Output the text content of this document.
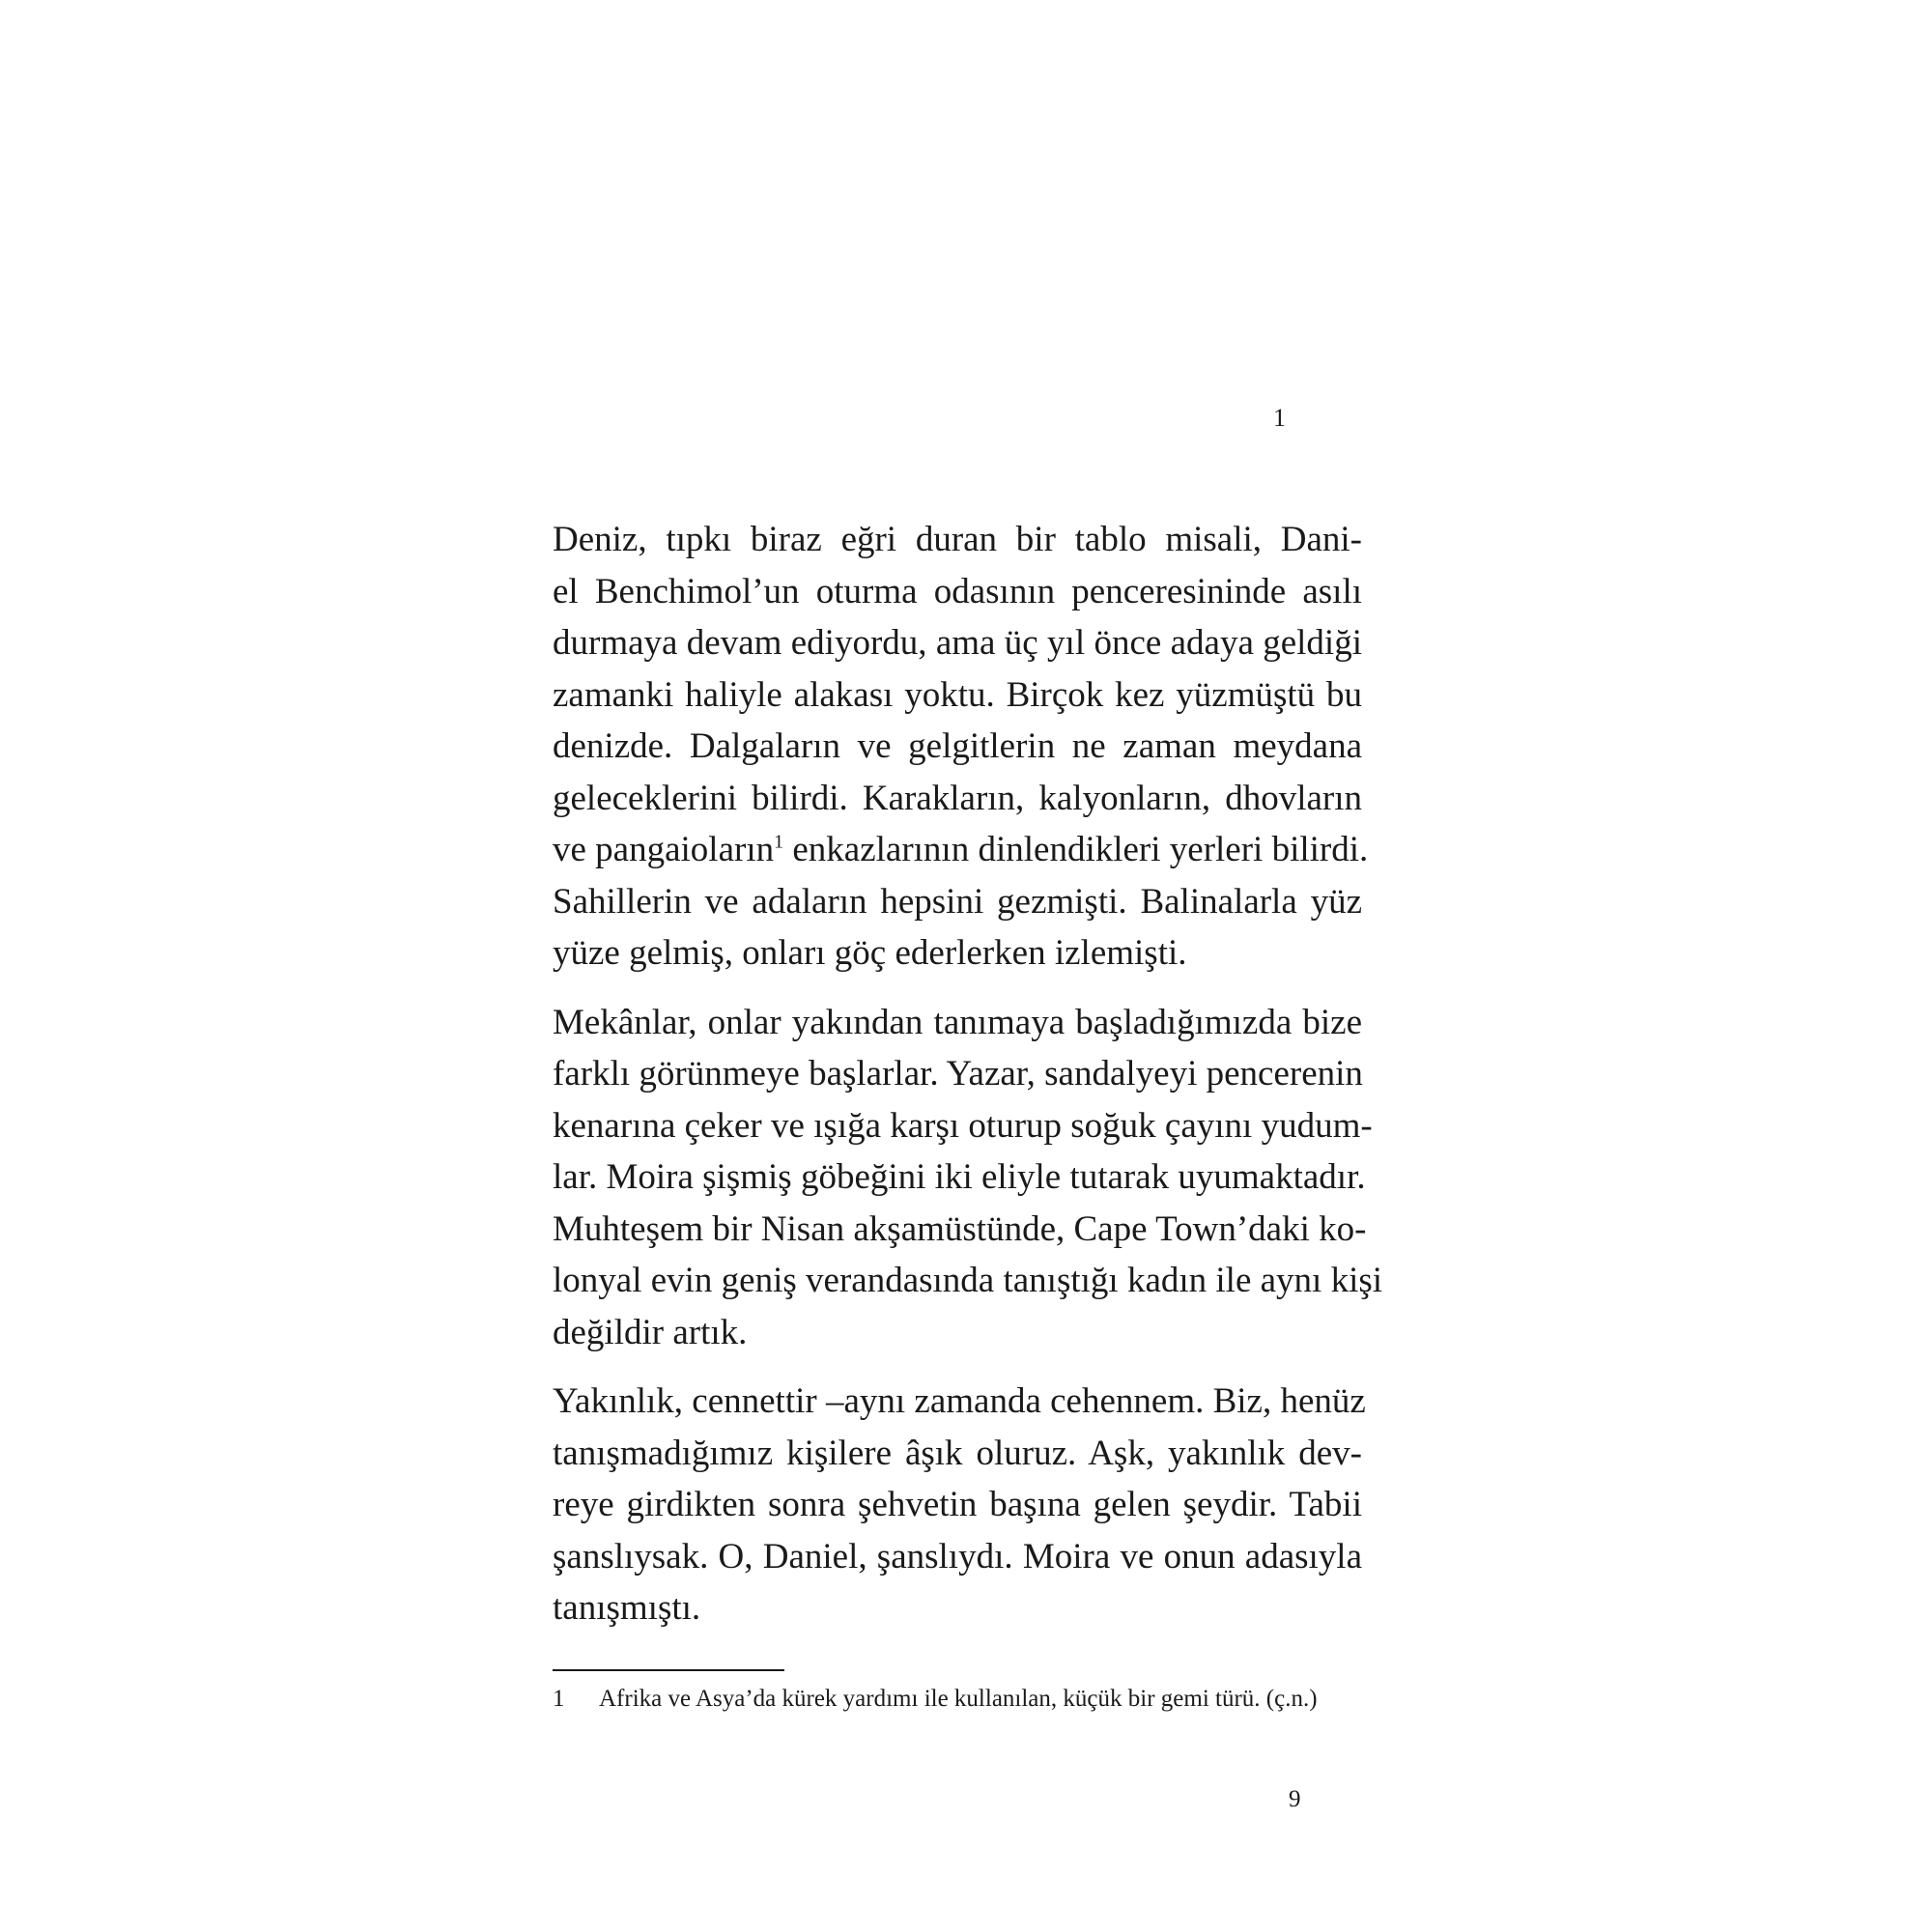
1

Deniz, tıpkı biraz eğri duran bir tablo misali, Dani-
el Benchimol’un oturma odasının penceresininde asılı
durmaya devam ediyordu, ama üç yıl önce adaya geldiği
zamanki haliyle alakası yoktu. Birçok kez yüzmüştü bu
denizde. Dalgaların ve gelgitlerin ne zaman meydana
geleceklerini bilirdi. Karakların, kalyonların, dhovların
ve pangaioların$^1$ enkazlarının dinlendikleri yerleri bilirdi.
Sahillerin ve adaların hepsini gezmişti. Balinalarla yüz
yüze gelmiş, onları göç ederlerken izlemişti.

Mekânlar, onlar yakından tanımaya başladığımızda bize
farklı görünmeye başlarlar. Yazar, sandalyeyi pencerenin
kenarına çeker ve ışığa karşı oturup soğuk çayını yudum-
lar. Moira şişmiş göbeğini iki eliyle tutarak uyumaktadır.
Muhteşem bir Nisan akşamüstünde, Cape Town’daki ko-
lonyal evin geniş verandasında tanıştığı kadın ile aynı kişi
değildir artık.

Yakınlık, cennettir –aynı zamanda cehennem. Biz, henüz
tanışmadığımız kişilere âşık oluruz. Aşk, yakınlık dev-
reye girdikten sonra şehvetin başına gelen şeydir. Tabii
şanslıysak. O, Daniel, şanslıydı. Moira ve onun adasıyla
tanışmıştı.

1 Afrika ve Asya’da kürek yardımı ile kullanılan, küçük bir gemi türü. (ç.n.)
9
